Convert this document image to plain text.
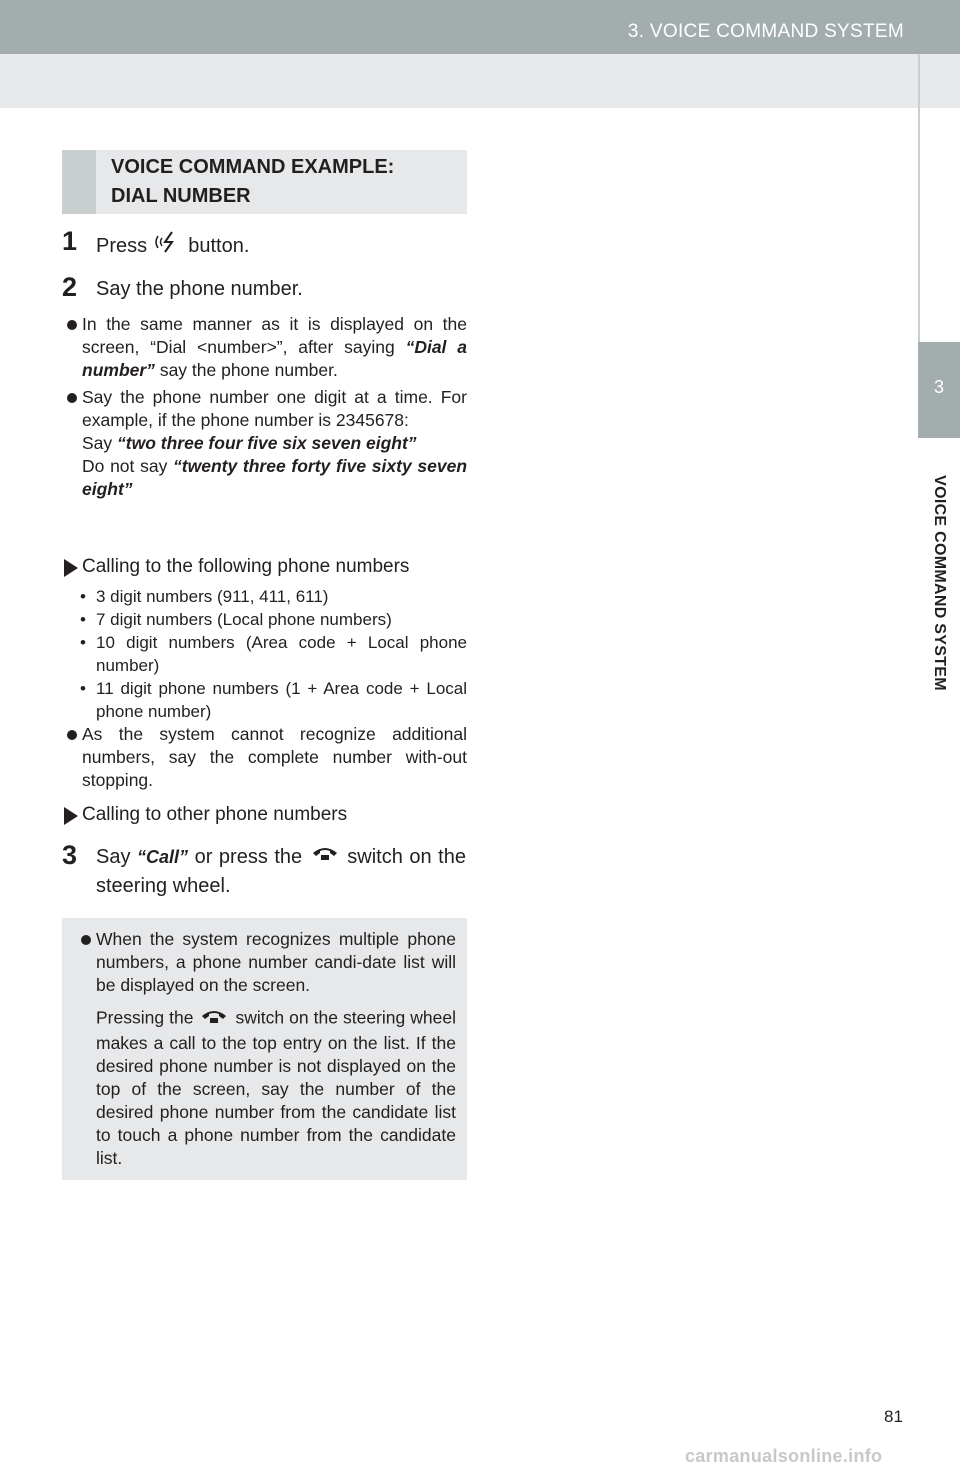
3. VOICE COMMAND SYSTEM
3
VOICE COMMAND SYSTEM
VOICE COMMAND EXAMPLE:
DIAL NUMBER
1 Press button.
2 Say the phone number.
In the same manner as it is displayed on the screen, “Dial <number>”, after saying “Dial a number” say the phone number.
Say the phone number one digit at a time. For example, if the phone number is 2345678:
Say “two three four five six seven eight”
Do not say “twenty three forty five sixty seven eight”
Calling to the following phone numbers
• 3 digit numbers (911, 411, 611)
• 7 digit numbers (Local phone numbers)
• 10 digit numbers (Area code + Local phone number)
• 11 digit phone numbers (1 + Area code + Local phone number)
As the system cannot recognize additional numbers, say the complete number with-out stopping.
Calling to other phone numbers
3 Say “Call” or press the switch on the steering wheel.
When the system recognizes multiple phone numbers, a phone number candi-date list will be displayed on the screen.
Pressing the switch on the steering wheel makes a call to the top entry on the list. If the desired phone number is not displayed on the top of the screen, say the number of the desired phone number from the candidate list to touch a phone number from the candidate list.
81
carmanualsonline.info
